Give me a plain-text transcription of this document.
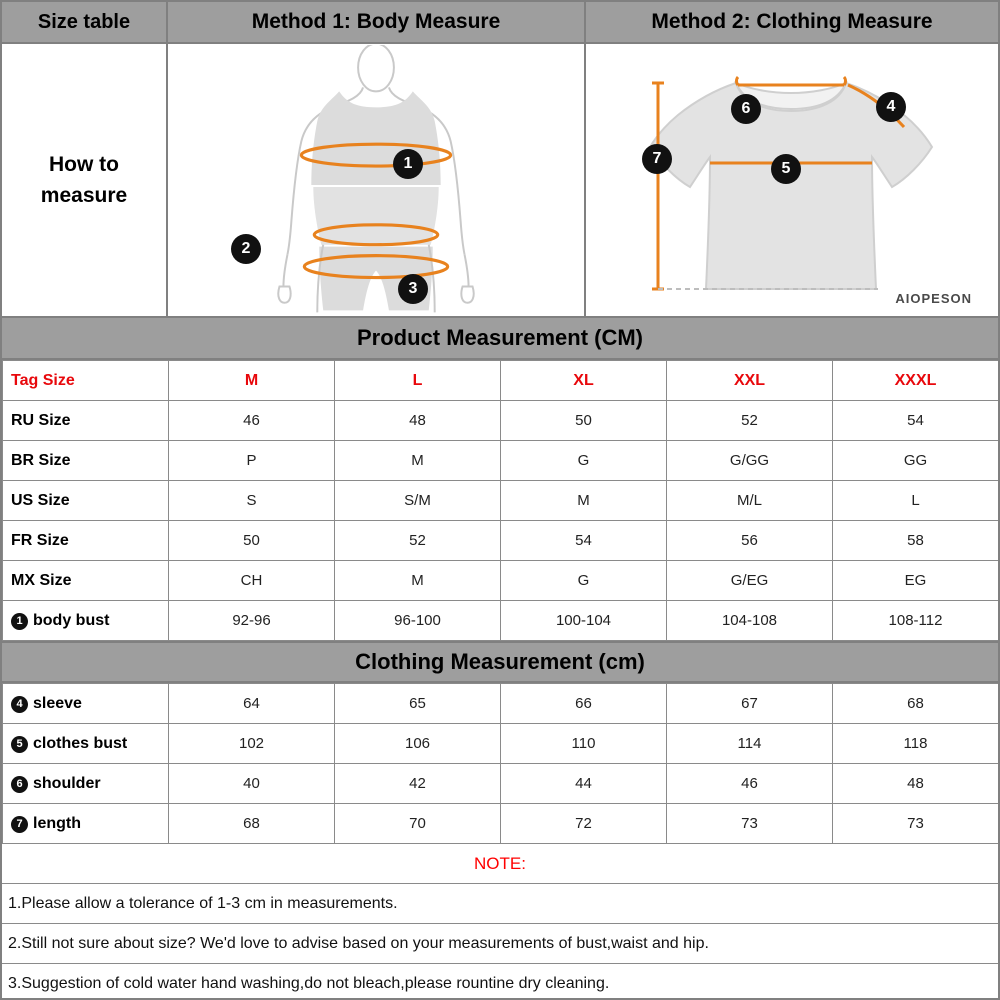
Size table
How to
measure
Method 1: Body Measure
1
2
3
Method 2: Clothing Measure
6	4
7
5
AIOPESON
Product Measurement (CM)
Tag Size	M	L	XL	XXL	XXXL
RU Size	46	48	50	52	54
BR Size	P	M	G	G/GG	GG
US Size	S	S/M	M	M/L	L
FR Size	50	52	54	56	58
MX Size	CH	M	G	G/EG	EG
1 body bust	92-96	96-100	100-104	104-108	108-112
Clothing Measurement (cm)
4 sleeve	64	65	66	67	68
5 clothes bust	102	106	110	114	118
6 shoulder	40	42	44	46	48
7 length	68	70	72	73	73
NOTE:
1.Please allow a tolerance of 1-3 cm in measurements.
2.Still not sure about size? We'd love to advise based on your measurements of bust,waist and hip.
3.Suggestion of cold water hand washing,do not bleach,please rountine dry cleaning.
